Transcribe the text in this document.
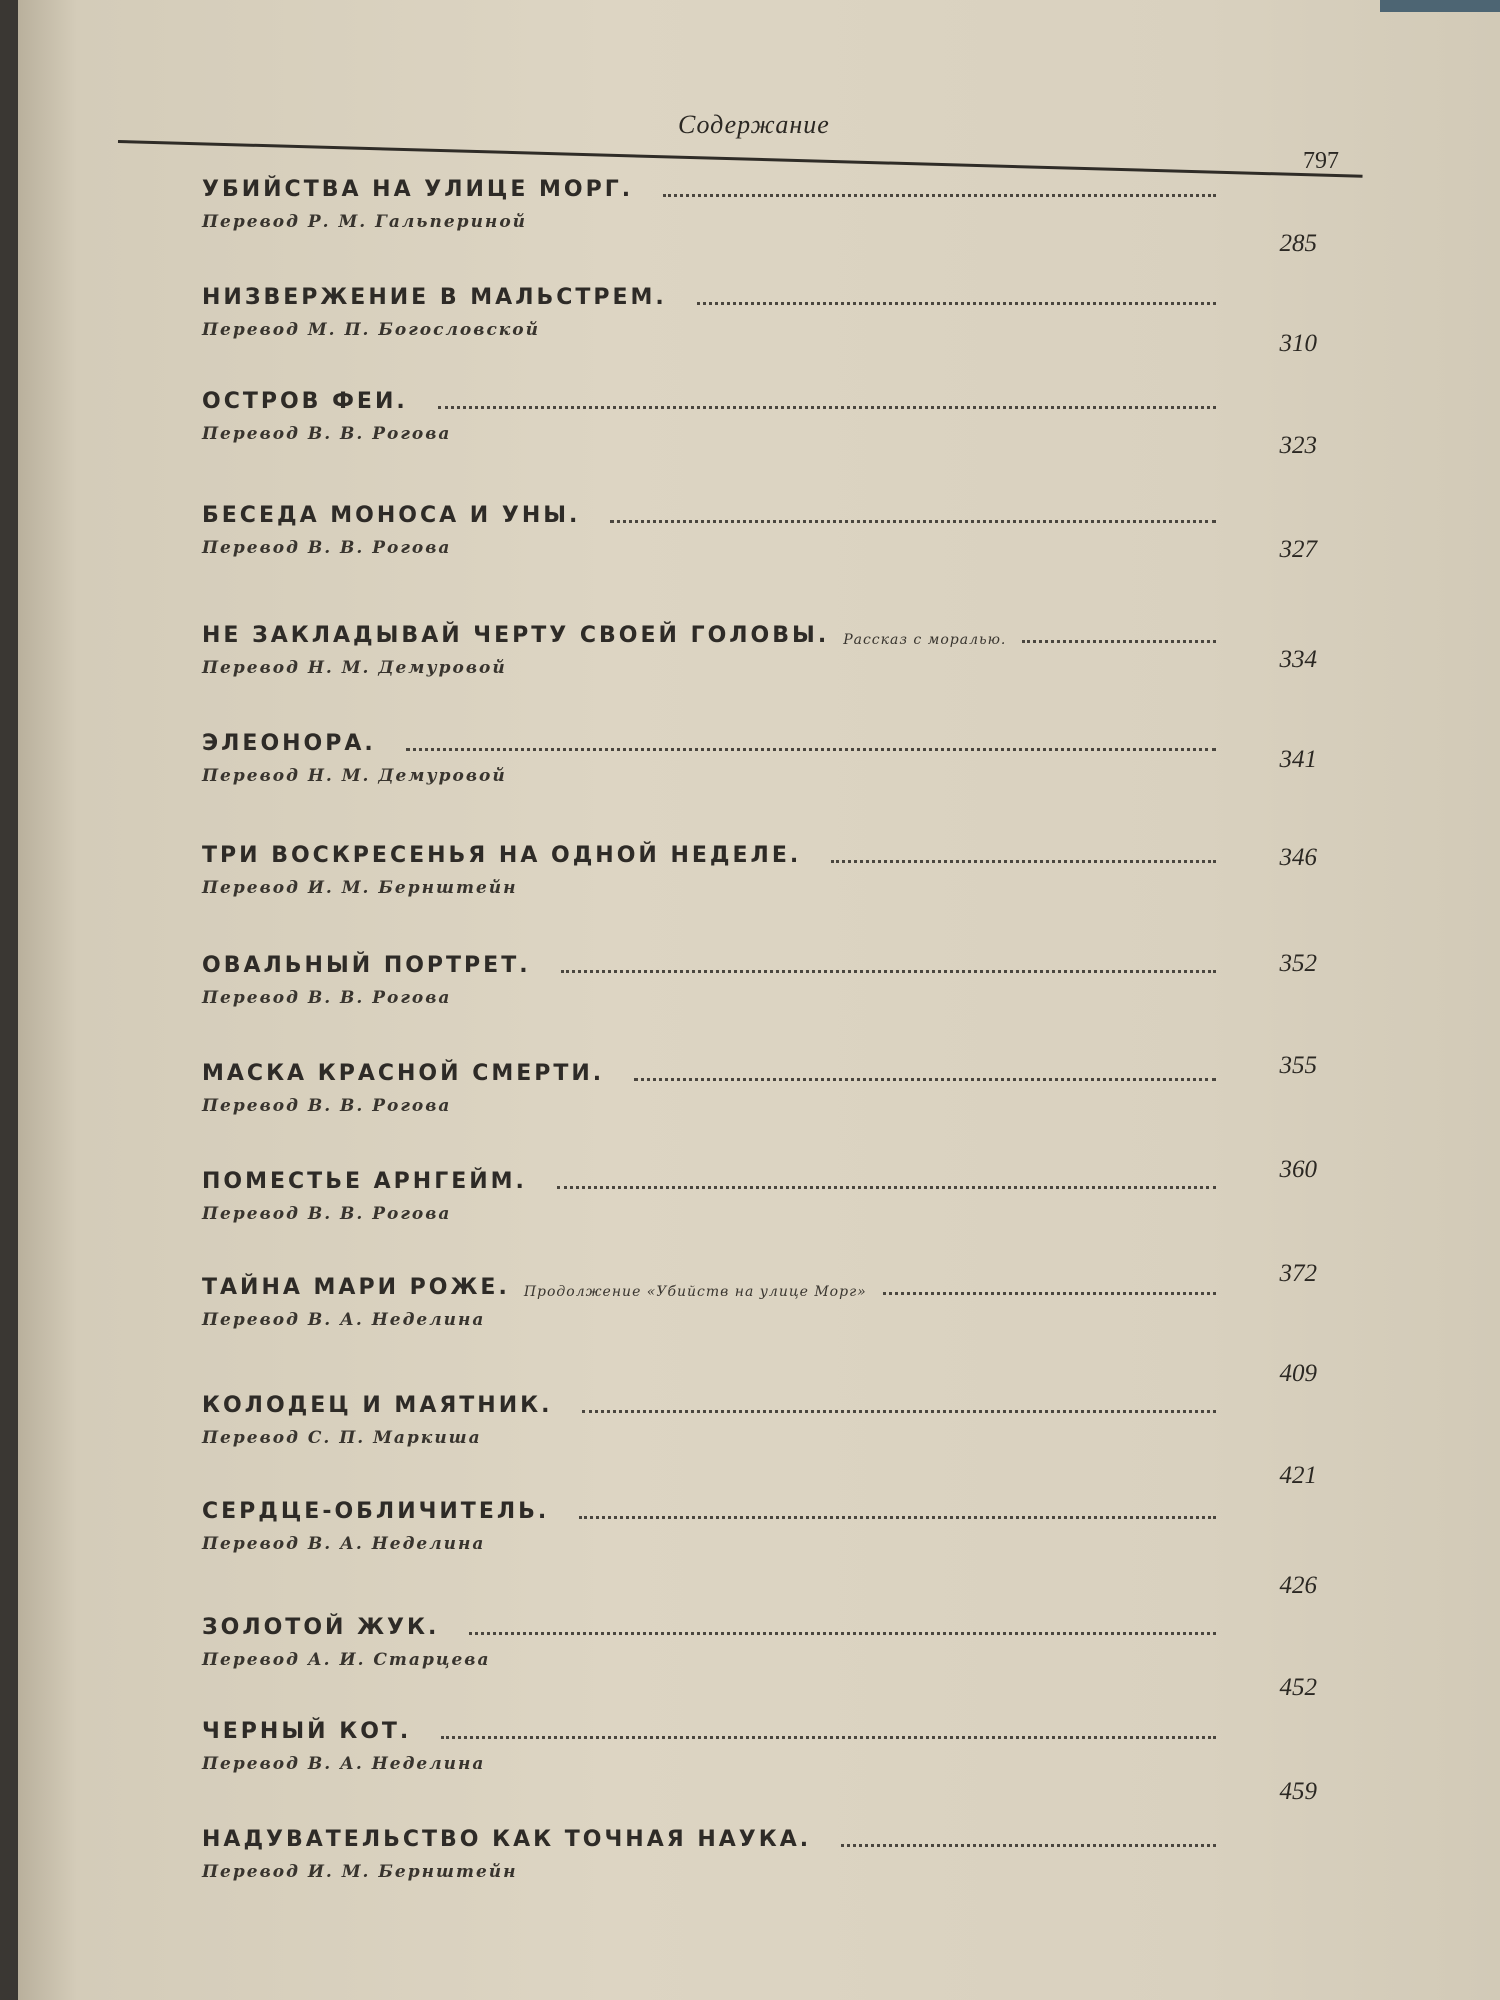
Содержание
797
УБИЙСТВА НА УЛИЦЕ МОРГ.
Перевод Р. М. Гальпериной
285
НИЗВЕРЖЕНИЕ В МАЛЬСТРЕМ.
Перевод М. П. Богословской	310
ОСТРОВ ФЕИ.
Перевод В. В. Рогова	323
БЕСЕДА МОНОСА И УНЫ.
Перевод В. В. Рогова	327
НЕ ЗАКЛАДЫВАЙ ЧЕРТУ СВОЕЙ ГОЛОВЫ. Рассказ с моралью.
Перевод Н. М. Демуровой	334
ЭЛЕОНОРА.
Перевод Н. М. Демуровой
341
ТРИ ВОСКРЕСЕНЬЯ НА ОДНОЙ НЕДЕЛЕ.
Перевод И. М. Бернштейн
346
ОВАЛЬНЫЙ ПОРТРЕТ.
Перевод В. В. Рогова
352
МАСКА КРАСНОЙ СМЕРТИ.
Перевод В. В. Рогова
355
ПОМЕСТЬЕ АРНГЕЙМ.
Перевод В. В. Рогова
360
ТАЙНА МАРИ РОЖЕ. Продолжение «Убийств на улице Морг»
Перевод В. А. Неделина
372
КОЛОДЕЦ И МАЯТНИК.
Перевод С. П. Маркиша
409
СЕРДЦЕ-ОБЛИЧИТЕЛЬ.
Перевод В. А. Неделина
421
ЗОЛОТОЙ ЖУК.
Перевод А. И. Старцева
426
ЧЕРНЫЙ КОТ.
Перевод В. А. Неделина
452
НАДУВАТЕЛЬСТВО КАК ТОЧНАЯ НАУКА.
Перевод И. М. Бернштейн
459
